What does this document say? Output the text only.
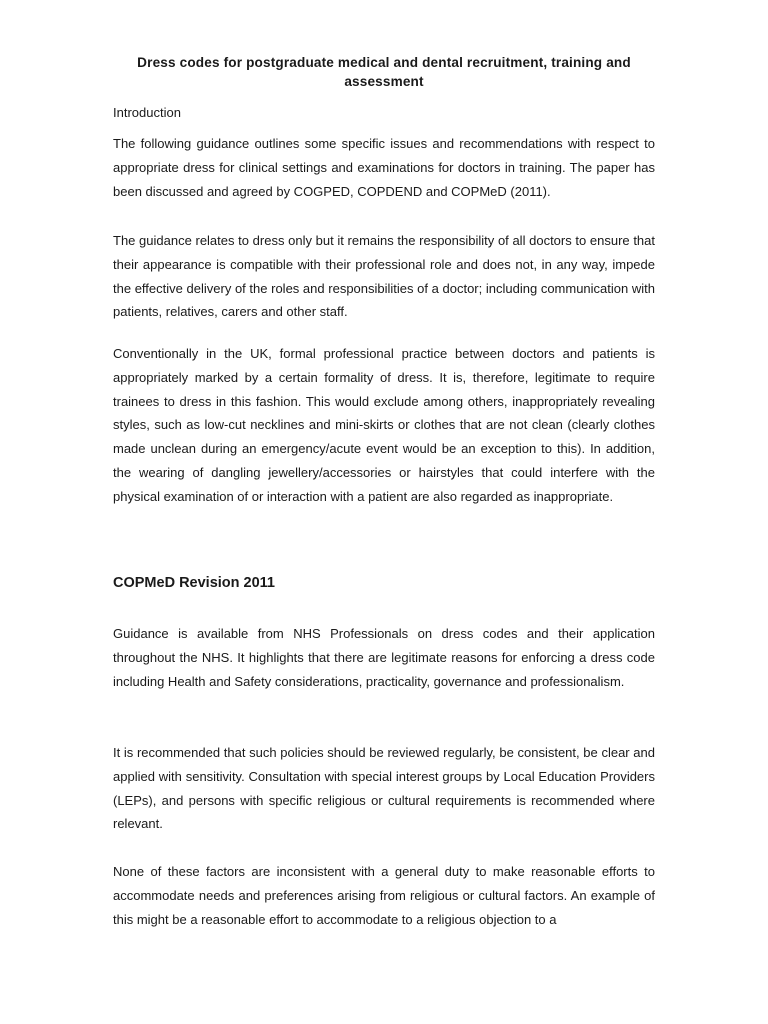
Dress codes for postgraduate medical and dental recruitment, training and assessment

Introduction

The following guidance outlines some specific issues and recommendations with respect to appropriate dress for clinical settings and examinations for doctors in training. The paper has been discussed and agreed by COGPED, COPDEND and COPMeD (2011).

The guidance relates to dress only but it remains the responsibility of all doctors to ensure that their appearance is compatible with their professional role and does not, in any way, impede the effective delivery of the roles and responsibilities of a doctor; including communication with patients, relatives, carers and other staff.

Conventionally in the UK, formal professional practice between doctors and patients is appropriately marked by a certain formality of dress. It is, therefore, legitimate to require trainees to dress in this fashion. This would exclude among others, inappropriately revealing styles, such as low-cut necklines and mini-skirts or clothes that are not clean (clearly clothes made unclean during an emergency/acute event would be an exception to this). In addition, the wearing of dangling jewellery/accessories or hairstyles that could interfere with the physical examination of or interaction with a patient are also regarded as inappropriate.

COPMeD Revision 2011

Guidance is available from NHS Professionals on dress codes and their application throughout the NHS. It highlights that there are legitimate reasons for enforcing a dress code including Health and Safety considerations, practicality, governance and professionalism.

It is recommended that such policies should be reviewed regularly, be consistent, be clear and applied with sensitivity. Consultation with special interest groups by Local Education Providers (LEPs), and persons with specific religious or cultural requirements is recommended where relevant.

None of these factors are inconsistent with a general duty to make reasonable efforts to accommodate needs and preferences arising from religious or cultural factors. An example of this might be a reasonable effort to accommodate to a religious objection to a
